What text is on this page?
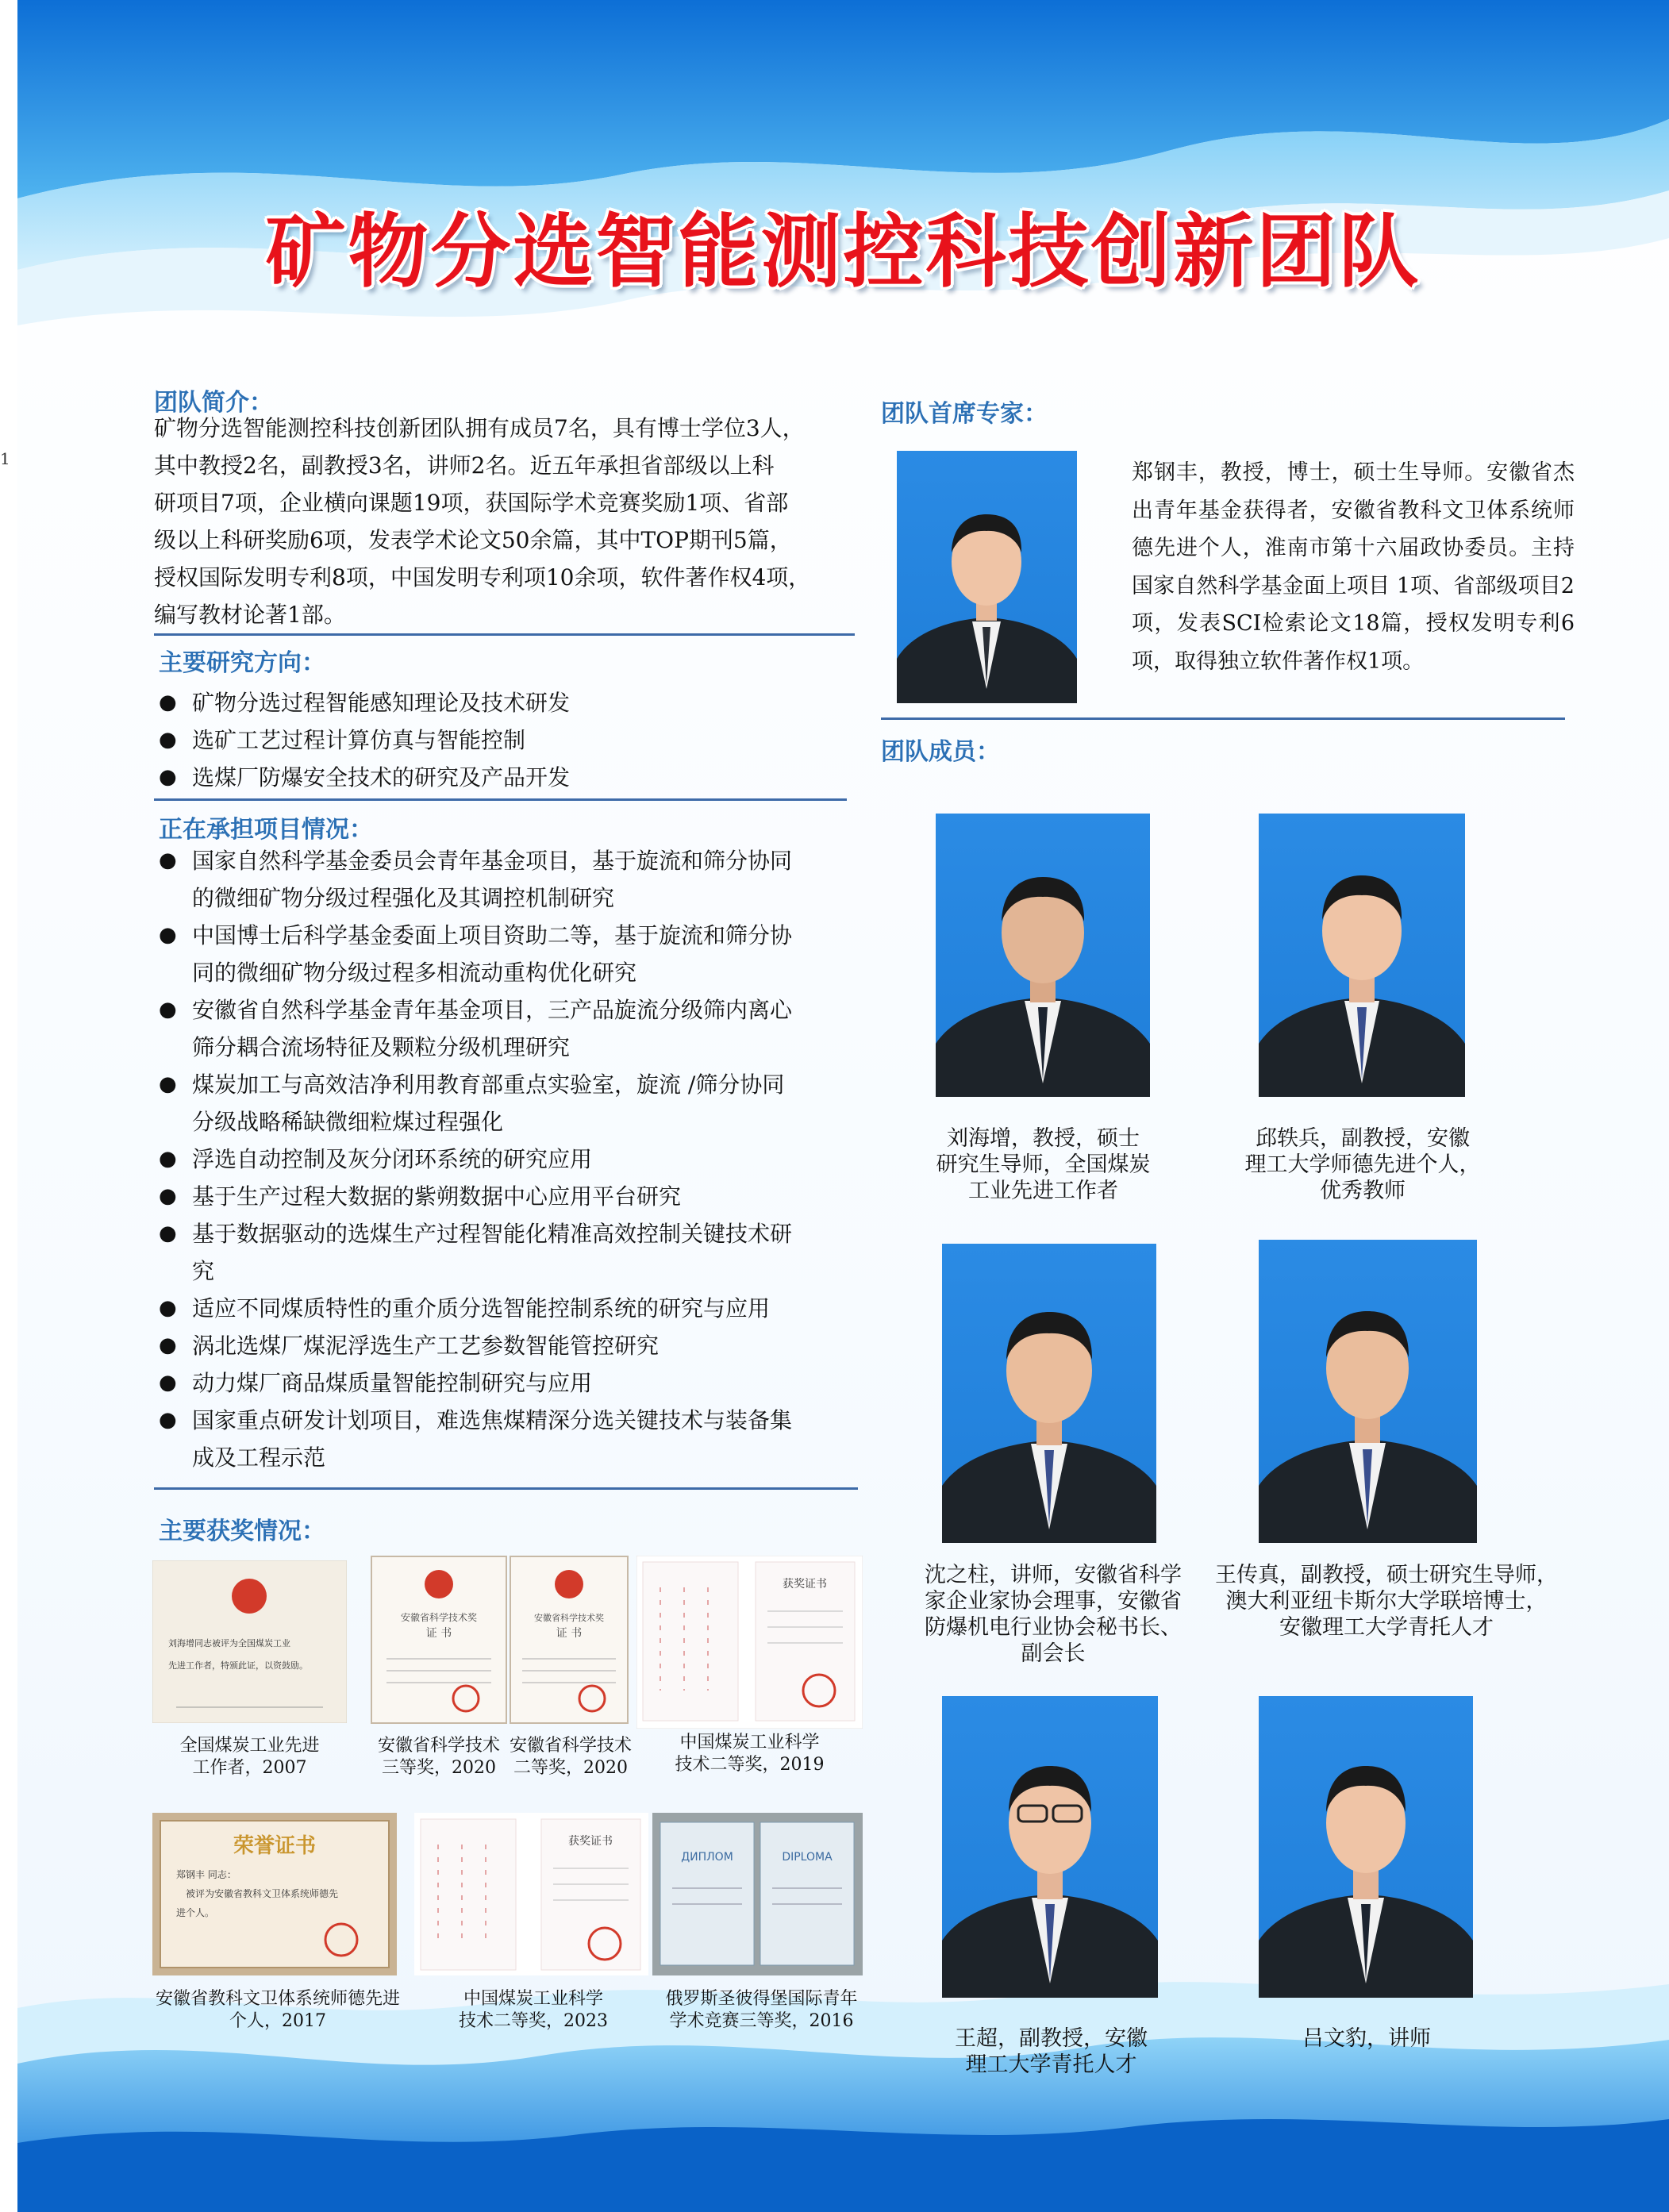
1
矿物分选智能测控科技创新团队
团队简介：
矿物分选智能测控科技创新团队拥有成员7名，具有博士学位3人，
其中教授2名，副教授3名，讲师2名。近五年承担省部级以上科
研项目7项，企业横向课题19项，获国际学术竞赛奖励1项、省部
级以上科研奖励6项，发表学术论文50余篇，其中TOP期刊5篇，
授权国际发明专利8项，中国发明专利项10余项，软件著作权4项，
编写教材论著1部。
主要研究方向：
● 矿物分选过程智能感知理论及技术研发
● 选矿工艺过程计算仿真与智能控制
● 选煤厂防爆安全技术的研究及产品开发
正在承担项目情况：
● 国家自然科学基金委员会青年基金项目，基于旋流和筛分协同
的微细矿物分级过程强化及其调控机制研究
● 中国博士后科学基金委面上项目资助二等，基于旋流和筛分协
同的微细矿物分级过程多相流动重构优化研究
● 安徽省自然科学基金青年基金项目，三产品旋流分级筛内离心
筛分耦合流场特征及颗粒分级机理研究
● 煤炭加工与高效洁净利用教育部重点实验室，旋流 /筛分协同
分级战略稀缺微细粒煤过程强化
● 浮选自动控制及灰分闭环系统的研究应用
● 基于生产过程大数据的紫朔数据中心应用平台研究
● 基于数据驱动的选煤生产过程智能化精准高效控制关键技术研
究
● 适应不同煤质特性的重介质分选智能控制系统的研究与应用
● 涡北选煤厂煤泥浮选生产工艺参数智能管控研究
● 动力煤厂商品煤质量智能控制研究与应用
● 国家重点研发计划项目，难选焦煤精深分选关键技术与装备集
成及工程示范
主要获奖情况：
刘海增同志被评为全国煤炭工业
先进工作者，特颁此证，以资鼓励。
安徽省科学技术奖
证 书
安徽省科学技术奖
证 书
获奖证书
全国煤炭工业先进
工作者，2007
安徽省科学技术
三等奖，2020
安徽省科学技术
二等奖，2020
中国煤炭工业科学
技术二等奖，2019
荣誉证书
郑钢丰 同志：
被评为安徽省教科文卫体系统师德先
进个人。
获奖证书
ДИПЛОМ	DIPLOMA
安徽省教科文卫体系统师德先进
个人，2017
中国煤炭工业科学
技术二等奖，2023
俄罗斯圣彼得堡国际青年
学术竞赛三等奖，2016
团队首席专家：
郑钢丰，教授，博士，硕士生导师。安徽省杰出青年基金获得者，安徽省教科文卫体系统师德先进个人，淮南市第十六届政协委员。主持国家自然科学基金面上项目 1项、省部级项目2项，发表SCI检索论文18篇，授权发明专利6项，取得独立软件著作权1项。
团队成员：
刘海增，教授，硕士
研究生导师，全国煤炭
工业先进工作者
邱轶兵，副教授，安徽
理工大学师德先进个人，
优秀教师
沈之柱，讲师，安徽省科学
家企业家协会理事，安徽省
防爆机电行业协会秘书长、
副会长
王传真，副教授，硕士研究生导师，
澳大利亚纽卡斯尔大学联培博士，
安徽理工大学青托人才
王超，副教授，安徽
理工大学青托人才
吕文豹，讲师
